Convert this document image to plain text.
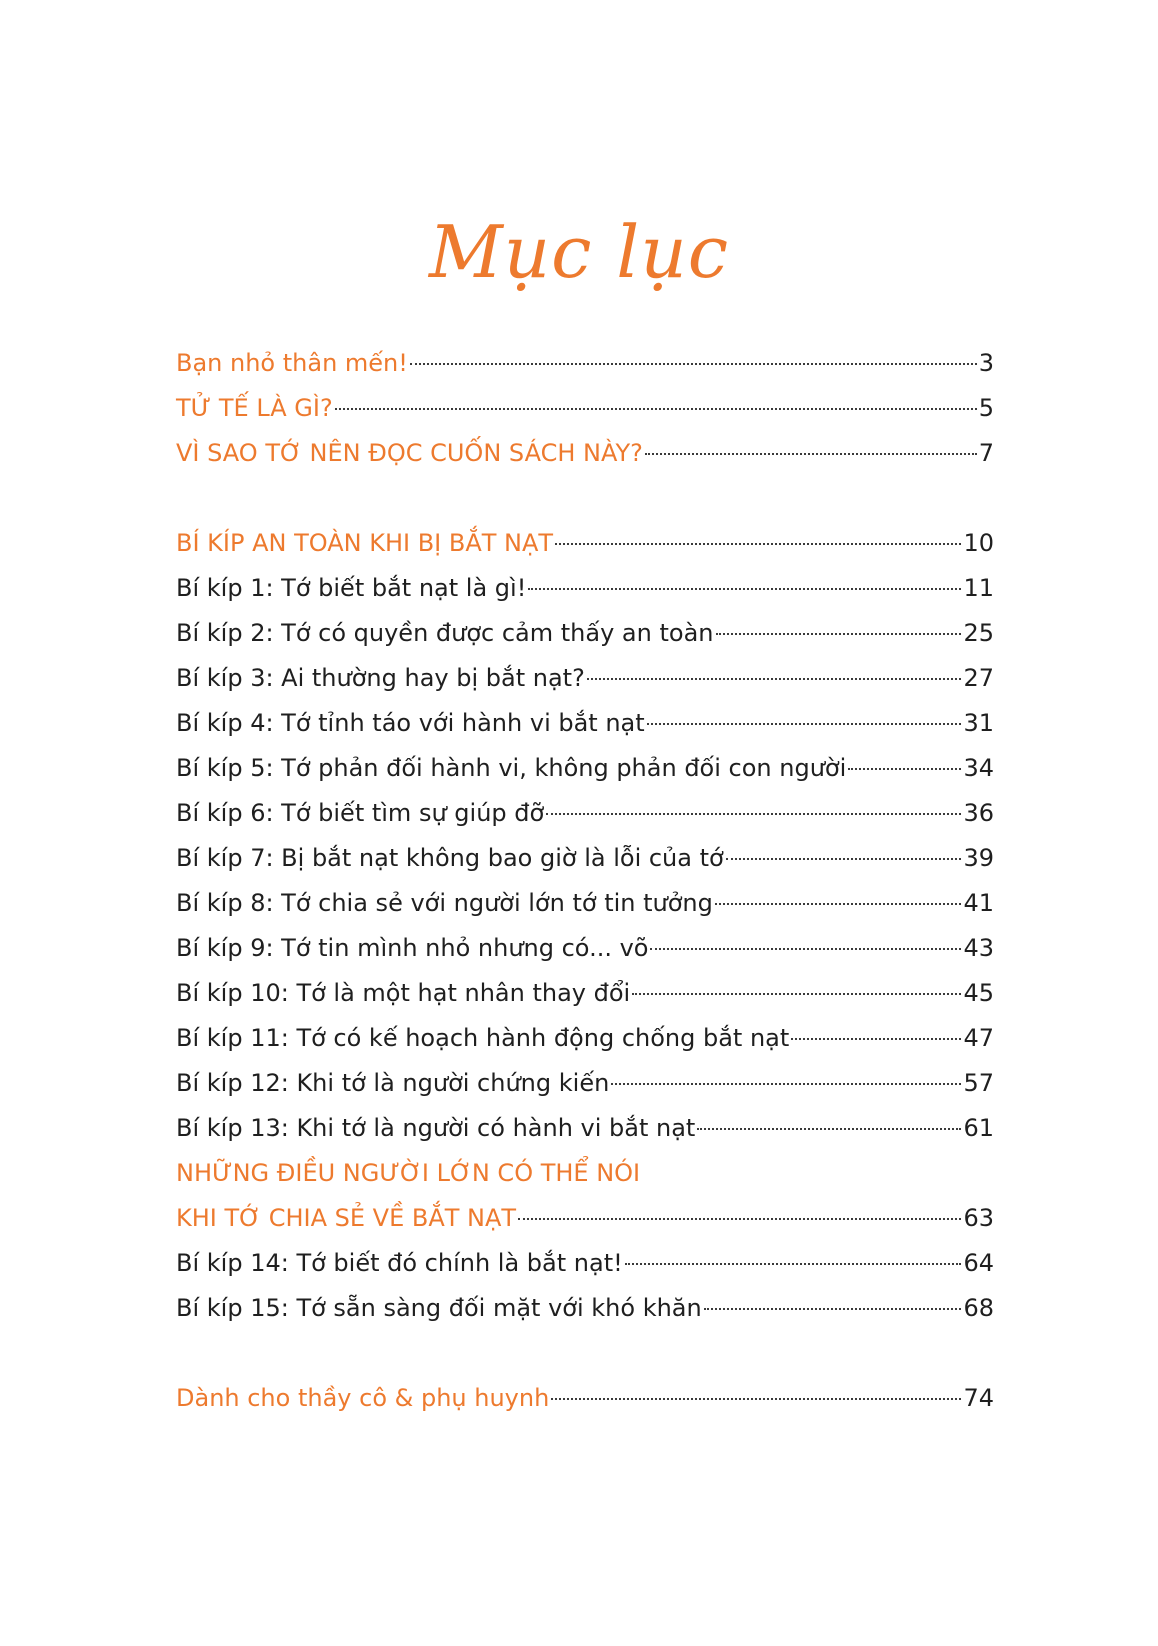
Mục lục
Bạn nhỏ thân mến!	3
TỬ TẾ LÀ GÌ?	5
VÌ SAO TỚ NÊN ĐỌC CUỐN SÁCH NÀY?	7
BÍ KÍP AN TOÀN KHI BỊ BẮT NẠT	10
Bí kíp 1: Tớ biết bắt nạt là gì!	11
Bí kíp 2: Tớ có quyền được cảm thấy an toàn	25
Bí kíp 3: Ai thường hay bị bắt nạt?	27
Bí kíp 4: Tớ tỉnh táo với hành vi bắt nạt	31
Bí kíp 5: Tớ phản đối hành vi, không phản đối con người	34
Bí kíp 6: Tớ biết tìm sự giúp đỡ	36
Bí kíp 7: Bị bắt nạt không bao giờ là lỗi của tớ	39
Bí kíp 8: Tớ chia sẻ với người lớn tớ tin tưởng	41
Bí kíp 9: Tớ tin mình nhỏ nhưng có... võ	43
Bí kíp 10: Tớ là một hạt nhân thay đổi	45
Bí kíp 11: Tớ có kế hoạch hành động chống bắt nạt	47
Bí kíp 12: Khi tớ là người chứng kiến	57
Bí kíp 13: Khi tớ là người có hành vi bắt nạt	61
NHỮNG ĐIỀU NGƯỜI LỚN CÓ THỂ NÓI
KHI TỚ CHIA SẺ VỀ BẮT NẠT	63
Bí kíp 14: Tớ biết đó chính là bắt nạt!	64
Bí kíp 15: Tớ sẵn sàng đối mặt với khó khăn	68
Dành cho thầy cô & phụ huynh	74
